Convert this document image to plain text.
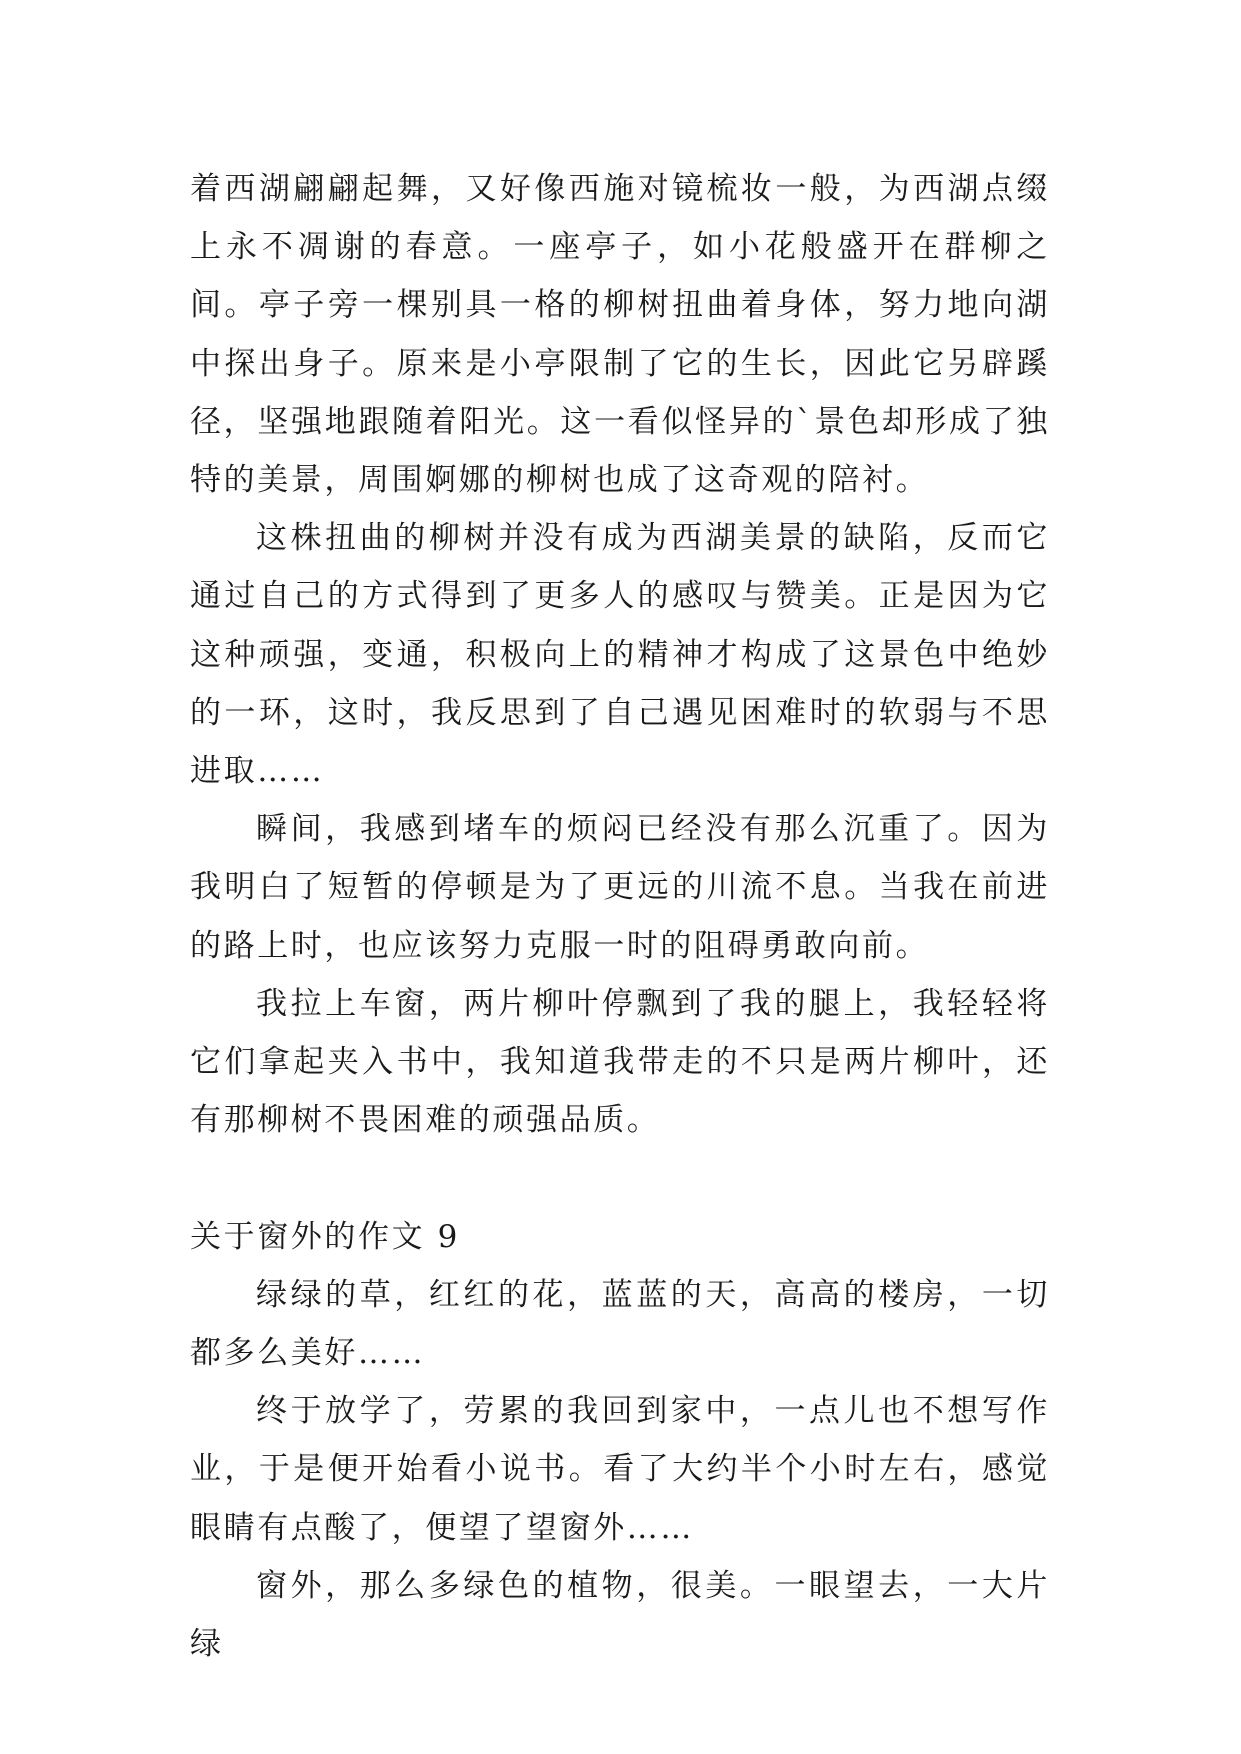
着西湖翩翩起舞，又好像西施对镜梳妆一般，为西湖点缀上永不凋谢的春意。一座亭子，如小花般盛开在群柳之间。亭子旁一棵别具一格的柳树扭曲着身体，努力地向湖中探出身子。原来是小亭限制了它的生长，因此它另辟蹊径，坚强地跟随着阳光。这一看似怪异的`景色却形成了独特的美景，周围婀娜的柳树也成了这奇观的陪衬。

这株扭曲的柳树并没有成为西湖美景的缺陷，反而它通过自己的方式得到了更多人的感叹与赞美。正是因为它这种顽强，变通，积极向上的精神才构成了这景色中绝妙的一环，这时，我反思到了自己遇见困难时的软弱与不思进取……

瞬间，我感到堵车的烦闷已经没有那么沉重了。因为我明白了短暂的停顿是为了更远的川流不息。当我在前进的路上时，也应该努力克服一时的阻碍勇敢向前。

我拉上车窗，两片柳叶停飘到了我的腿上，我轻轻将它们拿起夹入书中，我知道我带走的不只是两片柳叶，还有那柳树不畏困难的顽强品质。

关于窗外的作文 9

绿绿的草，红红的花，蓝蓝的天，高高的楼房，一切都多么美好……

终于放学了，劳累的我回到家中，一点儿也不想写作业，于是便开始看小说书。看了大约半个小时左右，感觉眼睛有点酸了，便望了望窗外……

窗外，那么多绿色的植物，很美。一眼望去，一大片绿
